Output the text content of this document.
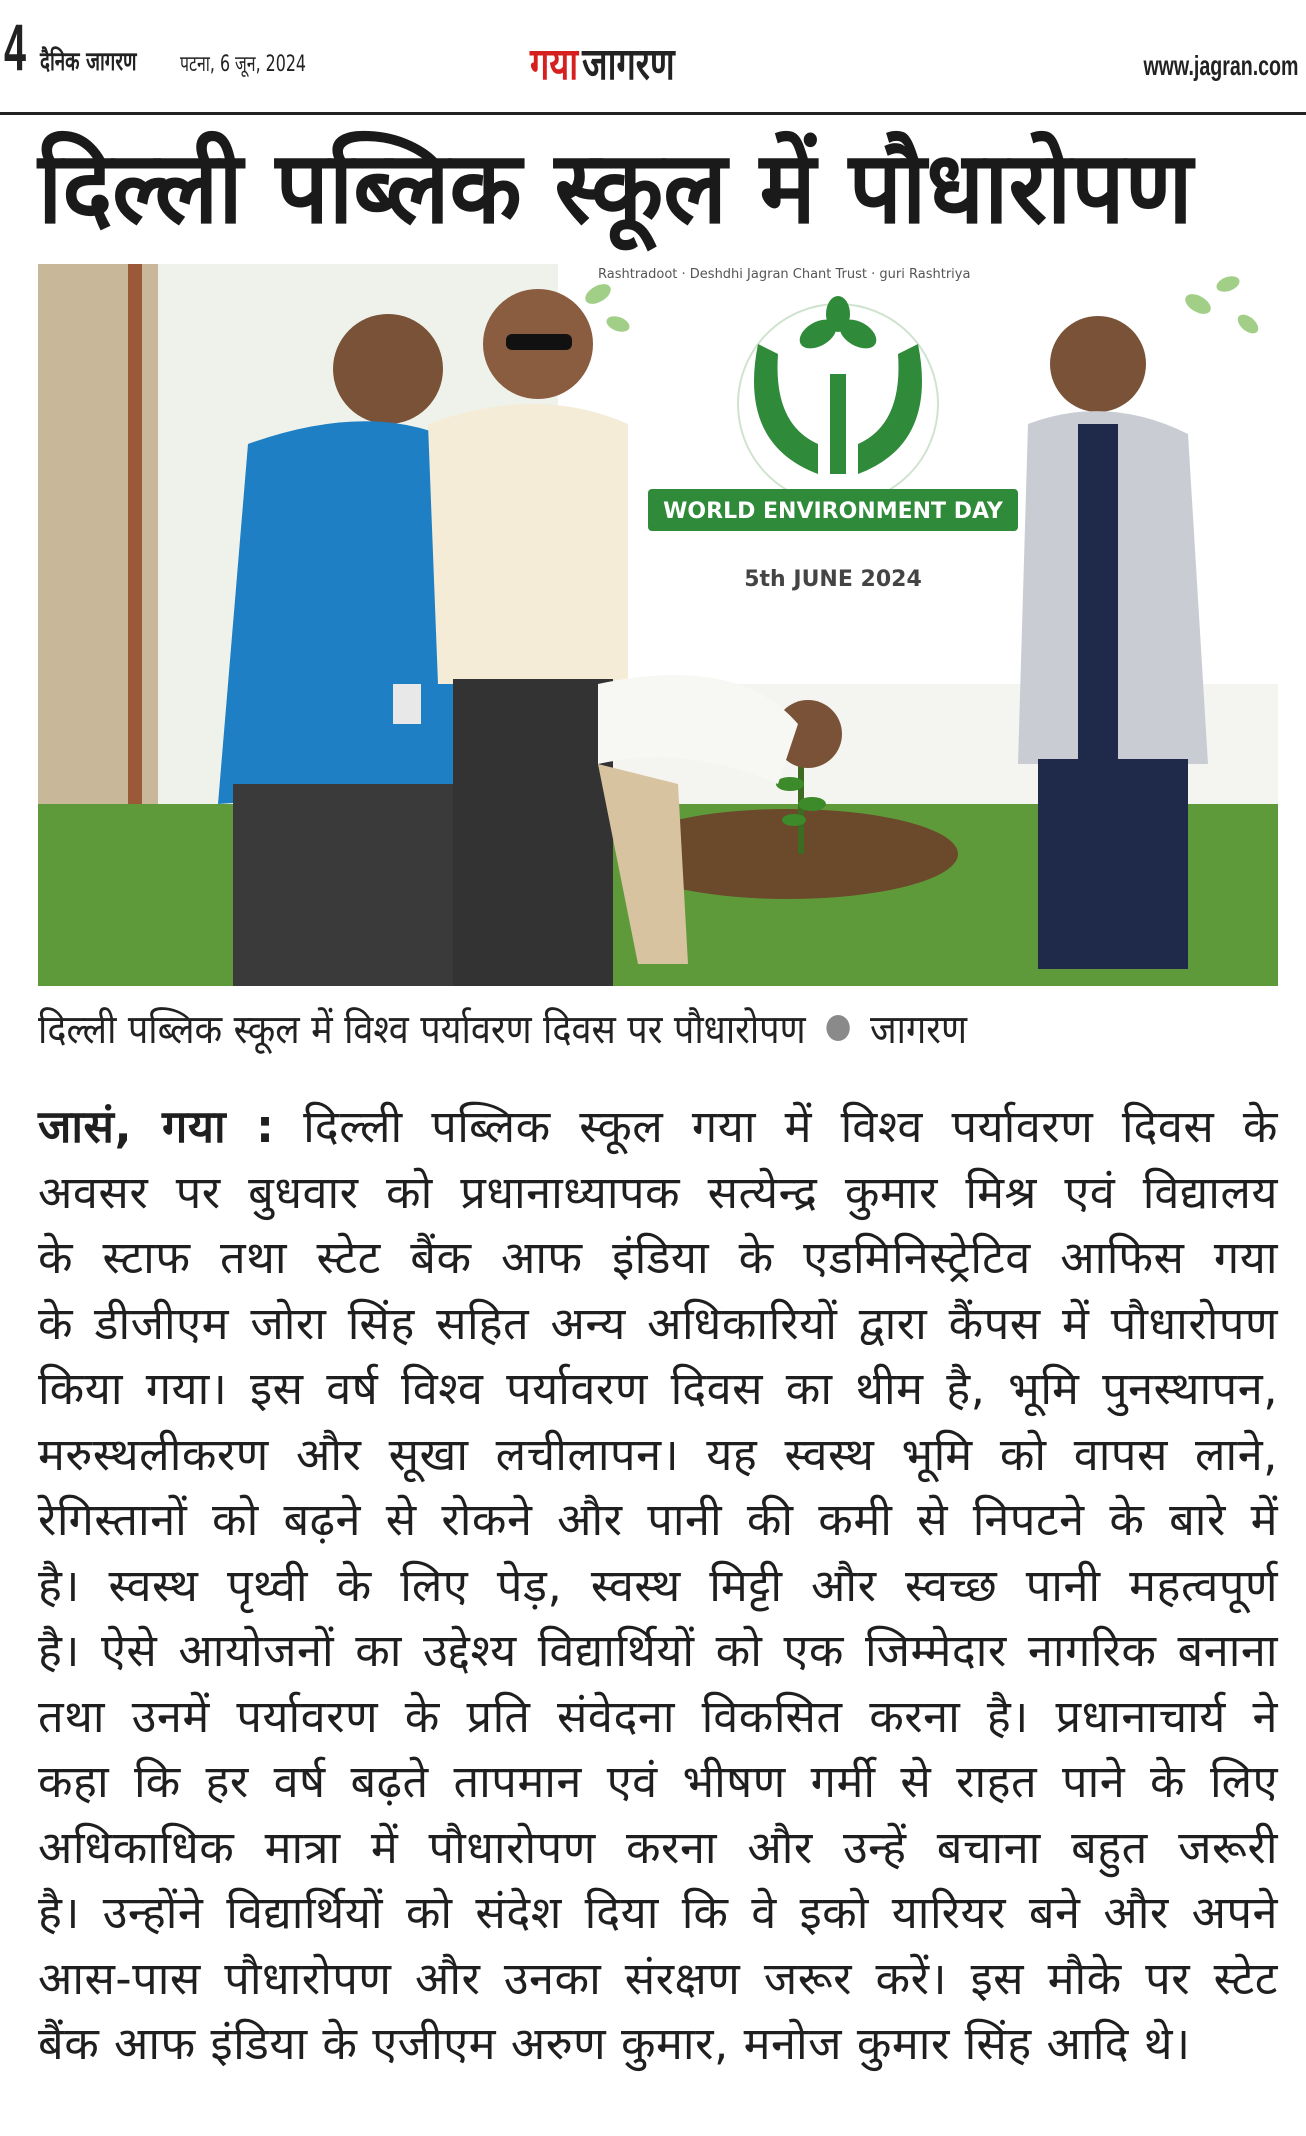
4 दैनिक जागरण पटना, 6 जून, 2024	गया जागरण	www.jagran.com
दिल्ली पब्लिक स्कूल में पौधारोपण
Rashtradoot · Deshdhi Jagran Chant Trust · guri Rashtriya
WORLD ENVIRONMENT DAY
5th JUNE 2024
दिल्ली पब्लिक स्कूल में विश्व पर्यावरण दिवस पर पौधारोपण जागरण
जासं, गया : दिल्ली पब्लिक स्कूल गया में विश्व पर्यावरण दिवस के
अवसर पर बुधवार को प्रधानाध्यापक सत्येन्द्र कुमार मिश्र एवं विद्यालय
के स्टाफ तथा स्टेट बैंक आफ इंडिया के एडमिनिस्ट्रेटिव आफिस गया
के डीजीएम जोरा सिंह सहित अन्य अधिकारियों द्वारा कैंपस में पौधारोपण
किया गया। इस वर्ष विश्व पर्यावरण दिवस का थीम है, भूमि पुनस्थापन,
मरुस्थलीकरण और सूखा लचीलापन। यह स्वस्थ भूमि को वापस लाने,
रेगिस्तानों को बढ़ने से रोकने और पानी की कमी से निपटने के बारे में
है। स्वस्थ पृथ्वी के लिए पेड़, स्वस्थ मिट्टी और स्वच्छ पानी महत्वपूर्ण
है। ऐसे आयोजनों का उद्देश्य विद्यार्थियों को एक जिम्मेदार नागरिक बनाना
तथा उनमें पर्यावरण के प्रति संवेदना विकसित करना है। प्रधानाचार्य ने
कहा कि हर वर्ष बढ़ते तापमान एवं भीषण गर्मी से राहत पाने के लिए
अधिकाधिक मात्रा में पौधारोपण करना और उन्हें बचाना बहुत जरूरी
है। उन्होंने विद्यार्थियों को संदेश दिया कि वे इको यारियर बने और अपने
आस-पास पौधारोपण और उनका संरक्षण जरूर करें। इस मौके पर स्टेट
बैंक आफ इंडिया के एजीएम अरुण कुमार, मनोज कुमार सिंह आदि थे।
